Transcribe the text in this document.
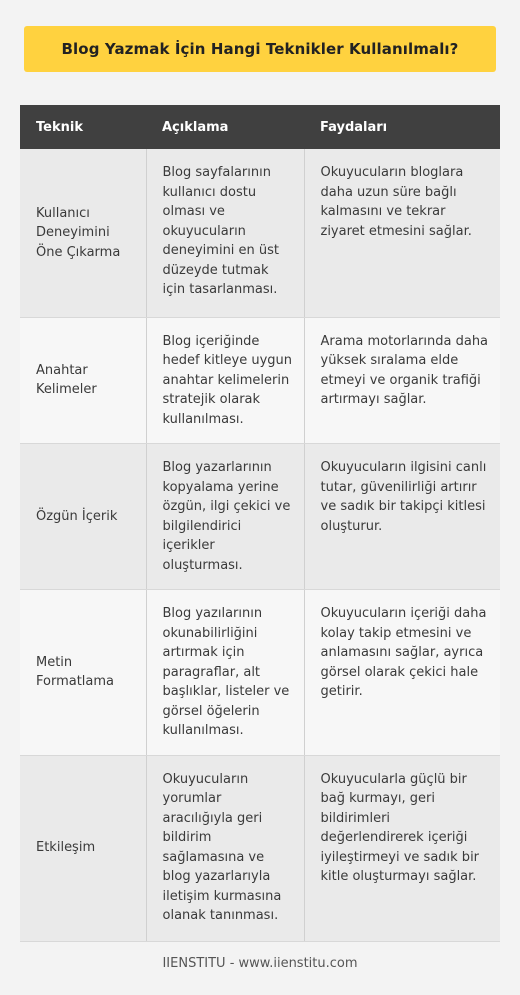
Blog Yazmak İçin Hangi Teknikler Kullanılmalı?
Teknik	Açıklama	Faydaları
Kullanıcı Deneyimini Öne Çıkarma	Blog sayfalarının kullanıcı dostu olması ve okuyucuların deneyimini en üst düzeyde tutmak için tasarlanması.	Okuyucuların bloglara daha uzun süre bağlı kalmasını ve tekrar ziyaret etmesini sağlar.
Anahtar Kelimeler	Blog içeriğinde hedef kitleye uygun anahtar kelimelerin stratejik olarak kullanılması.	Arama motorlarında daha yüksek sıralama elde etmeyi ve organik trafiği artırmayı sağlar.
Özgün İçerik	Blog yazarlarının kopyalama yerine özgün, ilgi çekici ve bilgilendirici içerikler oluşturması.	Okuyucuların ilgisini canlı tutar, güvenilirliği artırır ve sadık bir takipçi kitlesi oluşturur.
Metin Formatlama	Blog yazılarının okunabilirliğini artırmak için paragraflar, alt başlıklar, listeler ve görsel öğelerin kullanılması.	Okuyucuların içeriği daha kolay takip etmesini ve anlamasını sağlar, ayrıca görsel olarak çekici hale getirir.
Etkileşim	Okuyucuların yorumlar aracılığıyla geri bildirim sağlamasına ve blog yazarlarıyla iletişim kurmasına olanak tanınması.	Okuyucularla güçlü bir bağ kurmayı, geri bildirimleri değerlendirerek içeriği iyileştirmeyi ve sadık bir kitle oluşturmayı sağlar.
IIENSTITU - www.iienstitu.com
